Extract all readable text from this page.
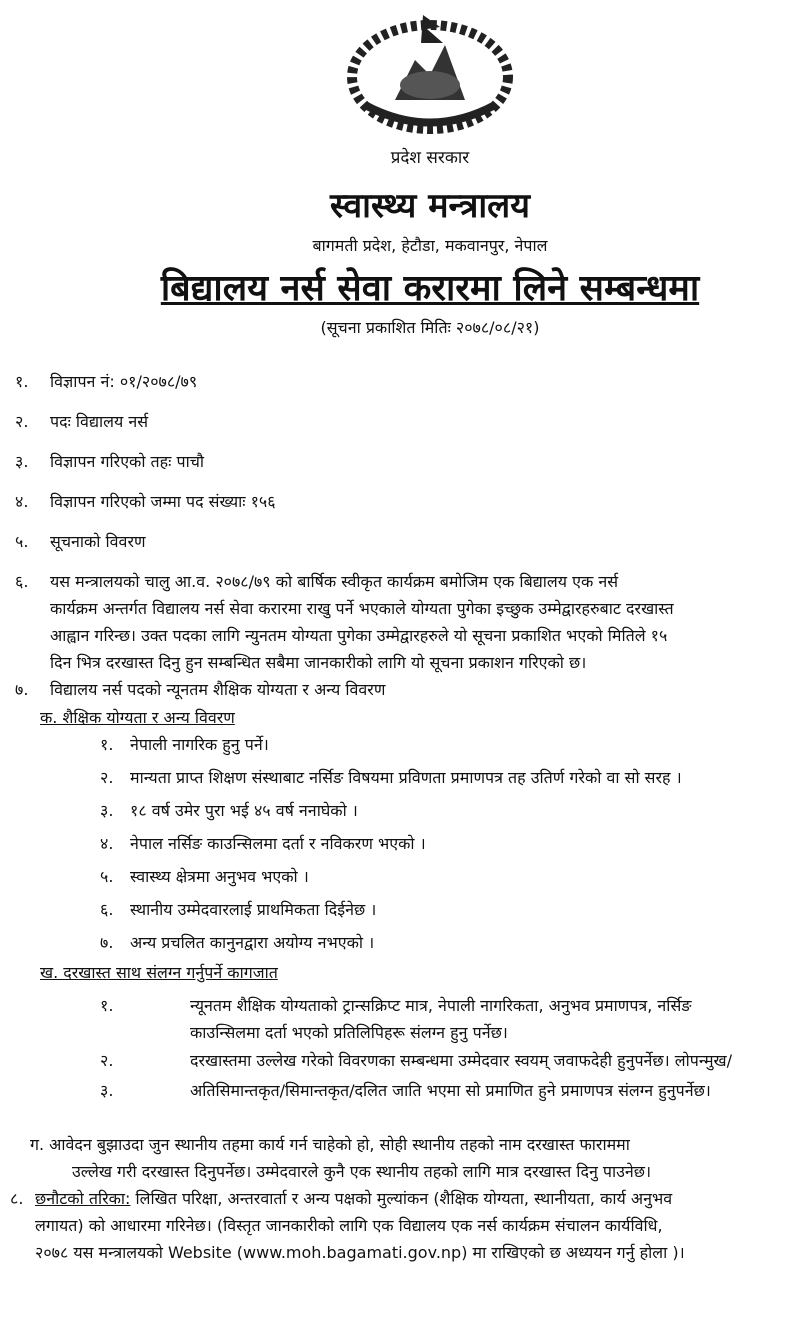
प्रदेश सरकार
स्वास्थ्य मन्त्रालय
बागमती प्रदेश, हेटौडा, मकवानपुर, नेपाल
बिद्यालय नर्स सेवा करारमा लिने सम्बन्धमा
(सूचना प्रकाशित मितिः २०७८/०८/२१)
१. विज्ञापन नं: ०१/२०७८/७९
२. पदः विद्यालय नर्स
३. विज्ञापन गरिएको तहः पाचौ
४. विज्ञापन गरिएको जम्मा पद संख्याः १५६
५. सूचनाको विवरण
६. यस मन्त्रालयको चालु आ.व. २०७८/७९ को बार्षिक स्वीकृत कार्यक्रम बमोजिम एक बिद्यालय एक नर्स
कार्यक्रम अन्तर्गत विद्यालय नर्स सेवा करारमा राखु पर्ने भएकाले योग्यता पुगेका इच्छुक उम्मेद्वारहरुबाट दरखास्त
आह्वान गरिन्छ। उक्त पदका लागि न्युनतम योग्यता पुगेका उम्मेद्वारहरुले यो सूचना प्रकाशित भएको मितिले १५
दिन भित्र दरखास्त दिनु हुन सम्बन्धित सबैमा जानकारीको लागि यो सूचना प्रकाशन गरिएको छ।
७. विद्यालय नर्स पदको न्यूनतम शैक्षिक योग्यता र अन्य विवरण
क. शैक्षिक योग्यता र अन्य विवरण
१. नेपाली नागरिक हुनु पर्ने।
२. मान्यता प्राप्त शिक्षण संस्थाबाट नर्सिङ विषयमा प्रविणता प्रमाणपत्र तह उतिर्ण गरेको वा सो सरह ।
३. १८ वर्ष उमेर पुरा भई ४५ वर्ष ननाघेको ।
४. नेपाल नर्सिङ काउन्सिलमा दर्ता र नविकरण भएको ।
५. स्वास्थ्य क्षेत्रमा अनुभव भएको ।
६. स्थानीय उम्मेदवारलाई प्राथमिकता दिईनेछ ।
७. अन्य प्रचलित कानुनद्वारा अयोग्य नभएको ।
ख. दरखास्त साथ संलग्न गर्नुपर्ने कागजात
१.	न्यूनतम शैक्षिक योग्यताको ट्रान्सक्रिप्ट मात्र, नेपाली नागरिकता, अनुभव प्रमाणपत्र, नर्सिङ
काउन्सिलमा दर्ता भएको प्रतिलिपिहरू संलग्न हुनु पर्नेछ।
२.	दरखास्तमा उल्लेख गरेको विवरणका सम्बन्धमा उम्मेदवार स्वयम् जवाफदेही हुनुपर्नेछ। लोपन्मुख/
३.	अतिसिमान्तकृत/सिमान्तकृत/दलित जाति भएमा सो प्रमाणित हुने प्रमाणपत्र संलग्न हुनुपर्नेछ।
ग. आवेदन बुझाउदा जुन स्थानीय तहमा कार्य गर्न चाहेको हो, सोही स्थानीय तहको नाम दरखास्त फाराममा
उल्लेख गरी दरखास्त दिनुपर्नेछ। उम्मेदवारले कुनै एक स्थानीय तहको लागि मात्र दरखास्त दिनु पाउनेछ।
८. छनौटको तरिका: लिखित परिक्षा, अन्तरवार्ता र अन्य पक्षको मुल्यांकन (शैक्षिक योग्यता, स्थानीयता, कार्य अनुभव
लगायत) को आधारमा गरिनेछ। (विस्तृत जानकारीको लागि एक विद्यालय एक नर्स कार्यक्रम संचालन कार्यविधि,
२०७८ यस मन्त्रालयको Website (www.moh.bagamati.gov.np) मा राखिएको छ अध्ययन गर्नु होला )।
